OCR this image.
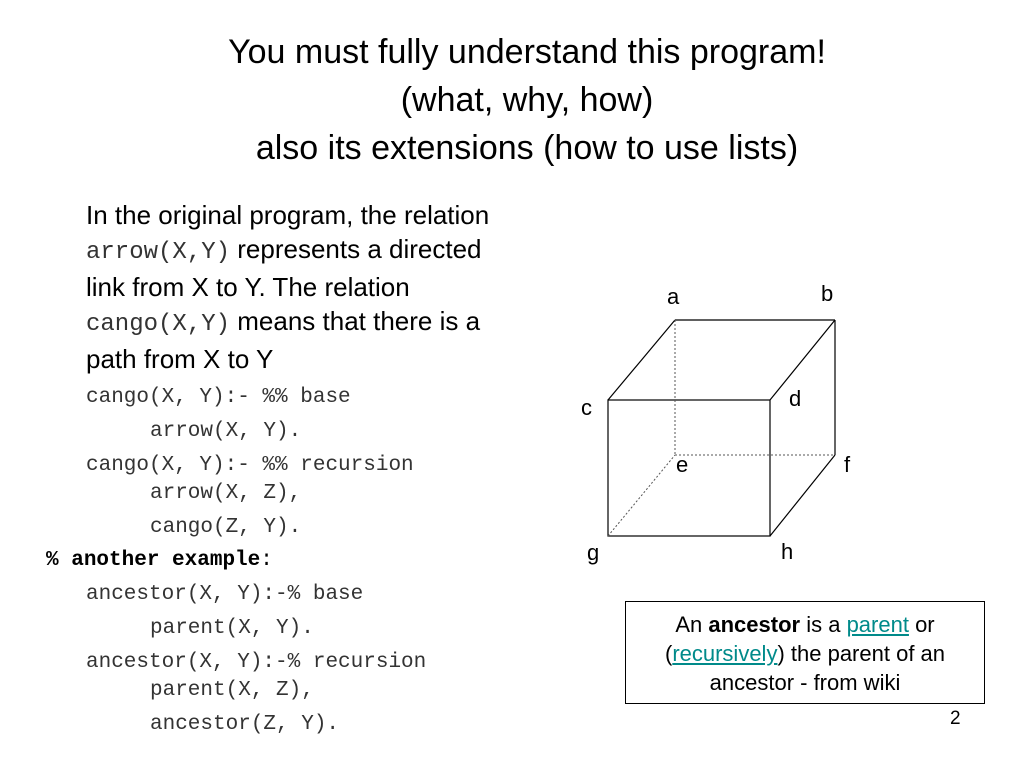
You must fully understand this program!
(what, why, how)
also its extensions (how to use lists)
In the original program, the relation
arrow(X,Y) represents a directed
link from X to Y. The relation
cango(X,Y) means that there is a
path from X to Y
cango(X, Y):- %% base
arrow(X, Y).
cango(X, Y):- %% recursion
arrow(X, Z),
cango(Z, Y).
% another example:
ancestor(X, Y):-% base
parent(X, Y).
ancestor(X, Y):-% recursion
parent(X, Z),
ancestor(Z, Y).
a	b
c	d
e	f
g	h
An ancestor is a parent or
(recursively) the parent of an
ancestor - from wiki
2
